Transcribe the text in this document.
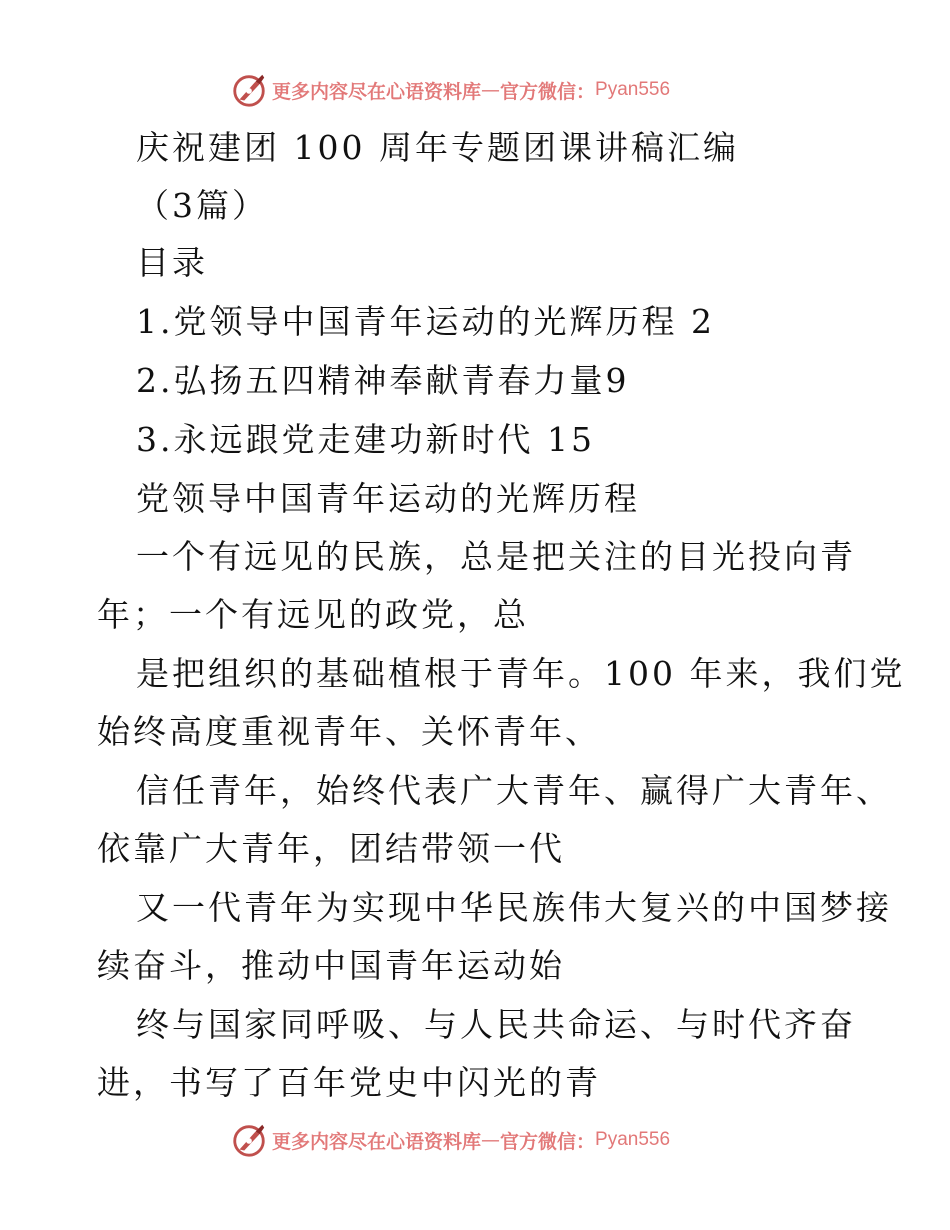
更多内容尽在心语资料库 — 官方微信： Pyan556
庆祝建团 100 周年专题团课讲稿汇编
（3篇）
目录
1.党领导中国青年运动的光辉历程 2
2.弘扬五四精神奉献青春力量9
3.永远跟党走建功新时代 15
党领导中国青年运动的光辉历程
一个有远见的民族，总是把关注的目光投向青
年；一个有远见的政党，总
是把组织的基础植根于青年。100 年来，我们党
始终高度重视青年、关怀青年、
信任青年，始终代表广大青年、赢得广大青年、
依靠广大青年，团结带领一代
又一代青年为实现中华民族伟大复兴的中国梦接
续奋斗，推动中国青年运动始
终与国家同呼吸、与人民共命运、与时代齐奋
进，书写了百年党史中闪光的青
更多内容尽在心语资料库 — 官方微信： Pyan556
